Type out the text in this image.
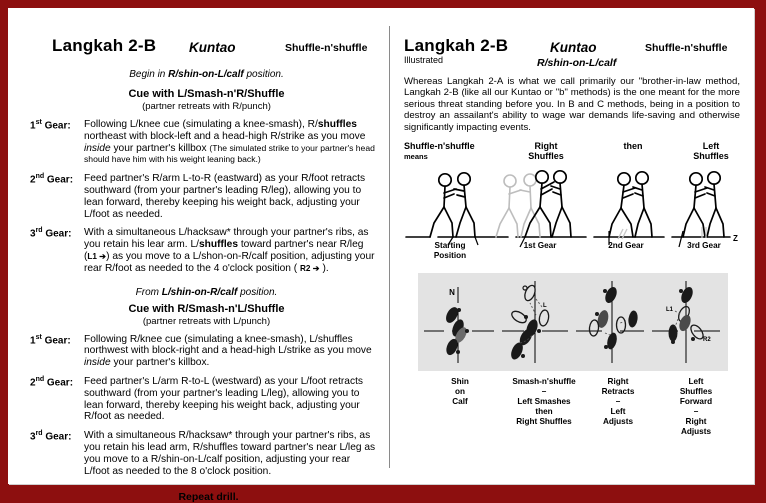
Langkah 2-B Kuntao	Shuffle-n'shuffle
Begin in R/shin-on-L/calf position.
Cue with L/Smash-n'R/Shuffle
(partner retreats with R/punch)
1st Gear:	Following L/knee cue (simulating a knee-smash), R/shuffles northeast with block-left and a head-high R/strike as you move inside your partner's killbox (The simulated strike to your partner's head should have him with his weight leaning back.)
2nd Gear:	Feed partner's R/arm L-to-R (eastward) as your R/foot retracts southward (from your partner's leading R/leg), allowing you to lean forward, thereby keeping his weight back, adjusting your L/foot as needed.
3rd Gear:	With a simultaneous L/hacksaw* through your partner's ribs, as you retain his lear arm. L/shuffles toward partner's near R/leg (L1 ➔) as you move to a L/shon-on-R/calf position, adjusting your rear R/foot as needed to the 4 o'clock position ( R2 ➔ ).
From L/shin-on-R/calf position.
Cue with R/Smash-n'L/Shuffle
(partner retreats with L/punch)
1st Gear:	Following R/knee cue (simulating a knee-smash), L/shuffles northwest with block-right and a head-high L/strike as you move inside your partner's killbox.
2nd Gear:	Feed partner's L/arm R-to-L (westward) as your L/foot retracts southward (from your partner's leading L/leg), allowing you to lean forward, thereby keeping his weight back, adjusting your R/foot as needed.
3rd Gear:	With a simultaneous R/hacksaw* through your partner's ribs, as you retain his lead arm, R/shuffles toward partner's near L/leg as you move to a R/shin-on-L/calf position, adjusting your rear L/foot as needed to the 8 o'clock position.
Repeat drill.
Langkah 2-B
Illustrated
Kuntao
R/shin-on-L/calf
Shuffle-n'shuffle
Whereas Langkah 2-A is what we call primarily our "brother-in-law method, Langkah 2-B (like all our Kuntao or "b" methods) is the one meant for the more serious threat standing before you. In B and C methods, being in a position to destroy an assailant's ability to wage war demands life-saving and otherwise significantly impacting events.
Z
Shuffle-n'shuffle
means
Right
Shuffles
then	Left
Shuffles
Starting
Position
1st Gear	2nd Gear	3rd Gear
N
L
L1
R2
Shin
on
Calf
Smash-n'shuffle
–
Left Smashes
then
Right Shuffles
Right
Retracts
–
Left
Adjusts
Left
Shuffles
Forward
–
Right
Adjusts
